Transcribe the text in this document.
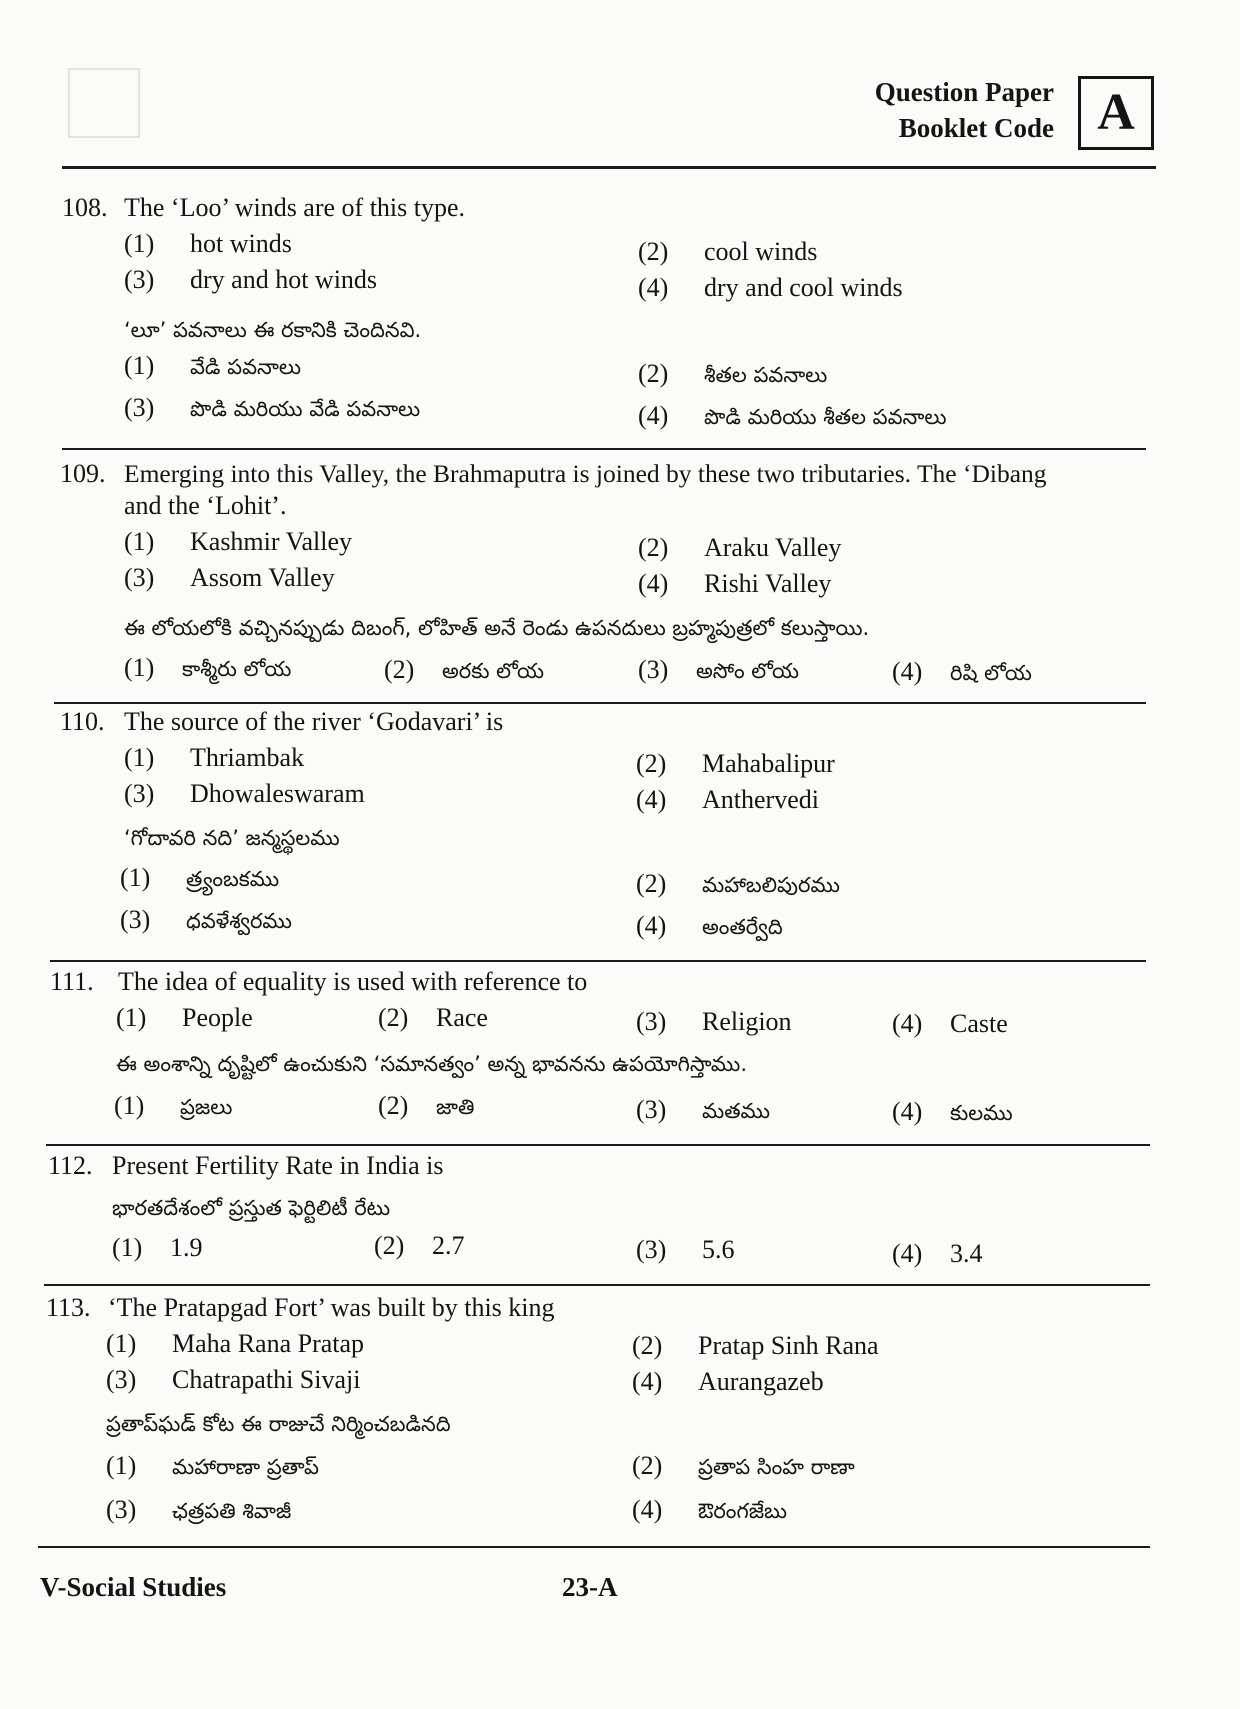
Question Paper
Booklet Code A
108. The ‘Loo’ winds are of this type.
(1) hot winds	(2) cool winds
(3) dry and hot winds	(4) dry and cool winds
‘లూ’ పవనాలు ఈ రకానికి చెందినవి.
(1) వేడి పవనాలు	(2) శీతల పవనాలు
(3) పొడి మరియు వేడి పవనాలు	(4) పొడి మరియు శీతల పవనాలు
109. Emerging into this Valley, the Brahmaputra is joined by these two tributaries. The ‘Dibang
and the ‘Lohit’.
(1) Kashmir Valley	(2) Araku Valley
(3) Assom Valley	(4) Rishi Valley
ఈ లోయలోకి వచ్చినప్పుడు దిబంగ్, లోహిత్ అనే రెండు ఉపనదులు బ్రహ్మపుత్రలో కలుస్తాయి.
(1) కాశ్మీరు లోయ	(2) అరకు లోయ	(3) అసోం లోయ	(4) రిషి లోయ
110. The source of the river ‘Godavari’ is
(1) Thriambak	(2) Mahabalipur
(3) Dhowaleswaram	(4) Anthervedi
‘గోదావరి నది’ జన్మస్థలము
(1) త్ర్యంబకము	(2) మహాబలిపురము
(3) ధవళేశ్వరము	(4) అంతర్వేది
111. The idea of equality is used with reference to
(1) People	(2) Race	(3) Religion	(4) Caste
ఈ అంశాన్ని దృష్టిలో ఉంచుకుని ‘సమానత్వం’ అన్న భావనను ఉపయోగిస్తాము.
(1) ప్రజలు	(2) జాతి	(3) మతము	(4) కులము
112. Present Fertility Rate in India is
భారతదేశంలో ప్రస్తుత ఫెర్టిలిటీ రేటు
(1) 1.9	(2) 2.7	(3) 5.6	(4) 3.4
113. ‘The Pratapgad Fort’ was built by this king
(1) Maha Rana Pratap	(2) Pratap Sinh Rana
(3) Chatrapathi Sivaji	(4) Aurangazeb
ప్రతాప్‌ఘడ్ కోట ఈ రాజుచే నిర్మించబడినది
(1) మహారాణా ప్రతాప్	(2) ప్రతాప సింహ రాణా
(3) ఛత్రపతి శివాజీ	(4) ఔరంగజేబు
V-Social Studies	23-A
